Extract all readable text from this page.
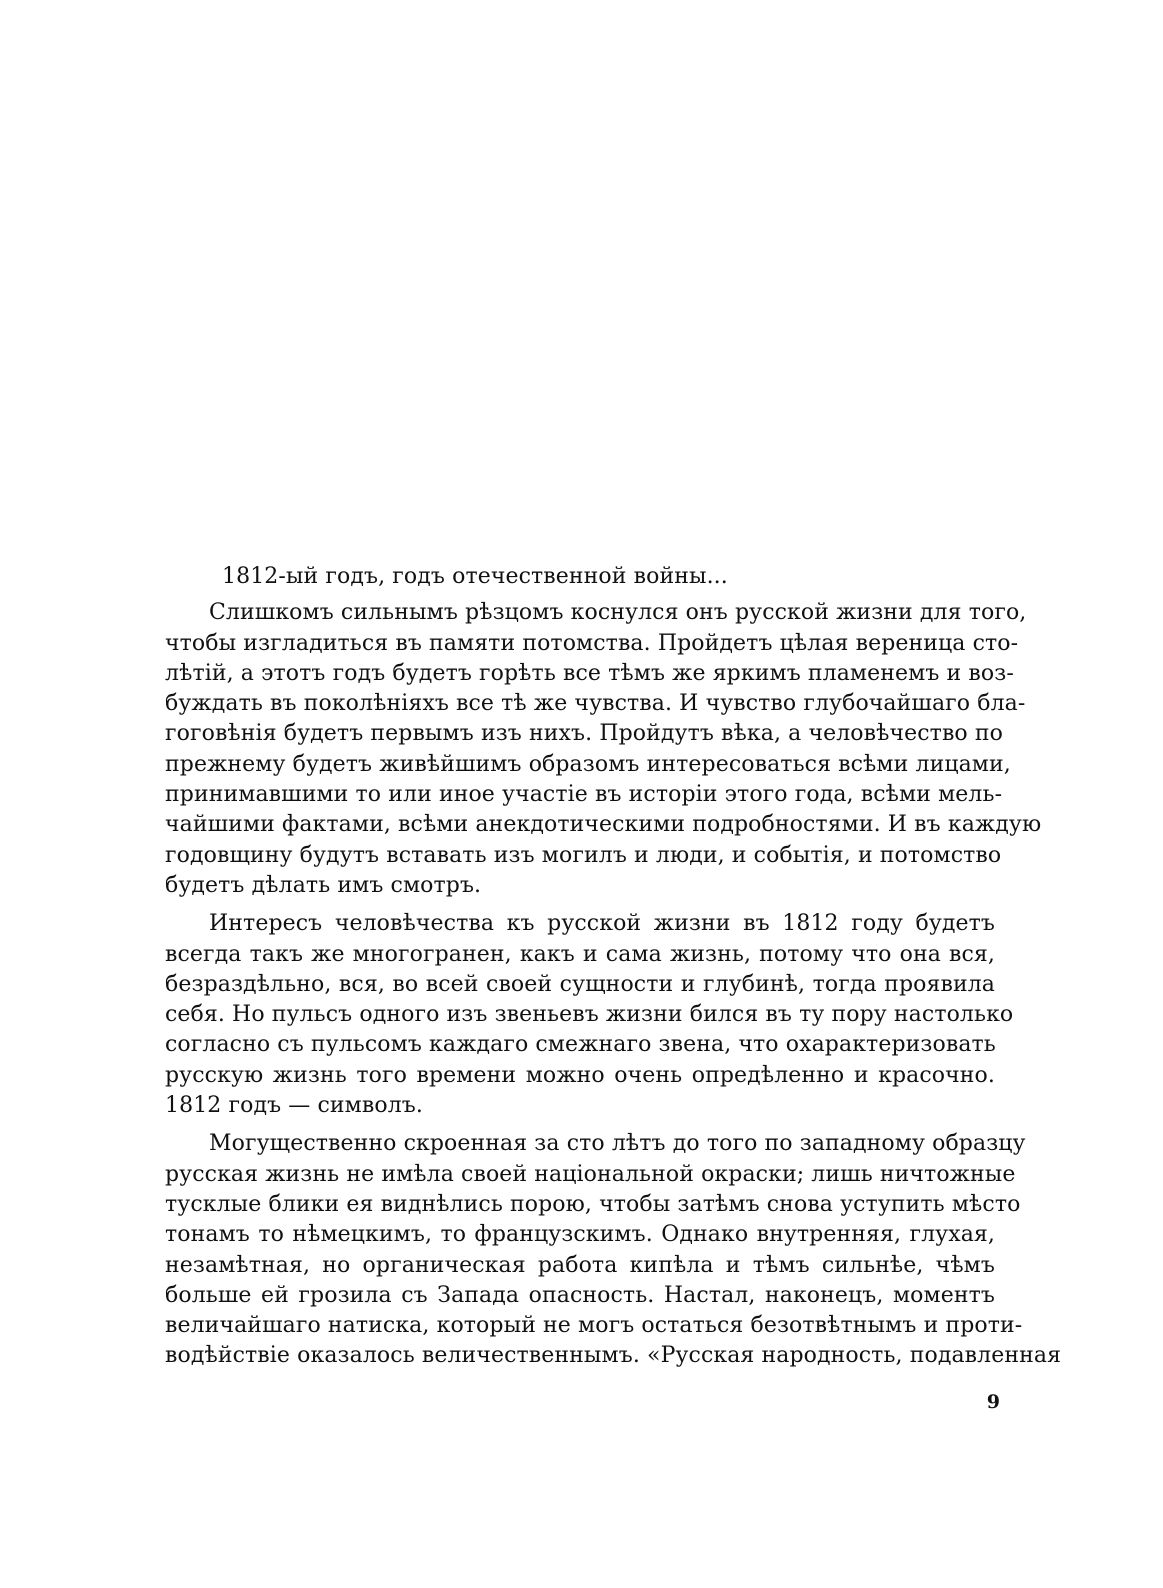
1812-ый годъ, годъ отечественной войны...
Слишкомъ сильнымъ рѣзцомъ коснулся онъ русской жизни для того,
чтобы изгладиться въ памяти потомства. Пройдетъ цѣлая вереница сто-
лѣтій, а этотъ годъ будетъ горѣть все тѣмъ же яркимъ пламенемъ и воз-
буждать въ поколѣніяхъ все тѣ же чувства. И чувство глубочайшаго бла-
гоговѣнія будетъ первымъ изъ нихъ. Пройдутъ вѣка, а человѣчество по
прежнему будетъ живѣйшимъ образомъ интересоваться всѣми лицами,
принимавшими то или иное участіе въ исторіи этого года, всѣми мель-
чайшими фактами, всѣми анекдотическими подробностями. И въ каждую
годовщину будутъ вставать изъ могилъ и люди, и событія, и потомство
будетъ дѣлать имъ смотръ.
Интересъ человѣчества къ русской жизни въ 1812 году будетъ
всегда такъ же многогранен, какъ и сама жизнь, потому что она вся,
безраздѣльно, вся, во всей своей сущности и глубинѣ, тогда проявила
себя. Но пульсъ одного изъ звеньевъ жизни бился въ ту пору настолько
согласно съ пульсомъ каждаго смежнаго звена, что охарактеризовать
русскую жизнь того времени можно очень опредѣленно и красочно.
1812 годъ — символъ.
Могущественно скроенная за сто лѣтъ до того по западному образцу
русская жизнь не имѣла своей національной окраски; лишь ничтожные
тусклые блики ея виднѣлись порою, чтобы затѣмъ снова уступить мѣсто
тонамъ то нѣмецкимъ, то французскимъ. Однако внутренняя, глухая,
незамѣтная, но органическая работа кипѣла и тѣмъ сильнѣе, чѣмъ
больше ей грозила съ Запада опасность. Настал, наконецъ, моментъ
величайшаго натиска, который не могъ остаться безотвѣтнымъ и проти-
водѣйствіе оказалось величественнымъ. «Русская народность, подавленная
9
